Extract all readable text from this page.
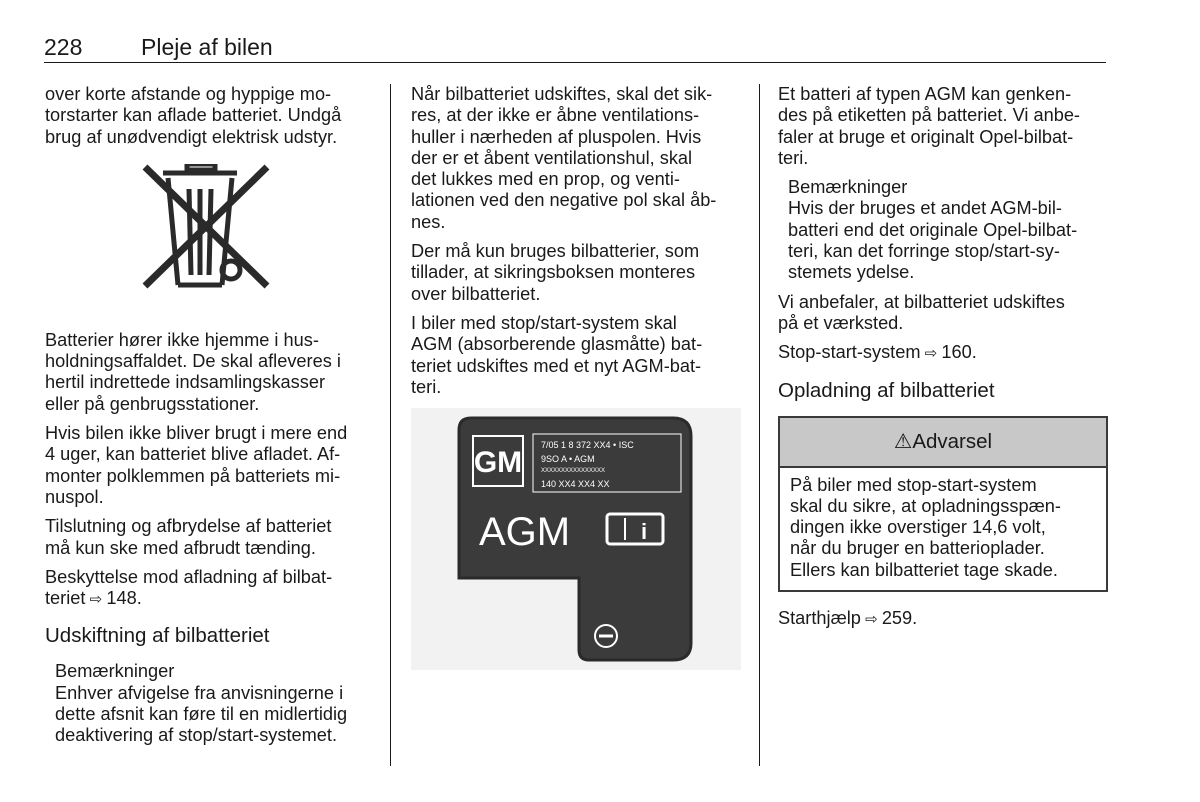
228	Pleje af bilen

over korte afstande og hyppige mo-
torstarter kan aflade batteriet. Undgå
brug af unødvendigt elektrisk udstyr.

Batterier hører ikke hjemme i hus-
holdningsaffaldet. De skal afleveres i
hertil indrettede indsamlingskasser
eller på genbrugsstationer.

Hvis bilen ikke bliver brugt i mere end
4 uger, kan batteriet blive afladet. Af-
monter polklemmen på batteriets mi-
nuspol.

Tilslutning og afbrydelse af batteriet
må kun ske med afbrudt tænding.

Beskyttelse mod afladning af bilbat-
teriet ⇨ 148.

Udskiftning af bilbatteriet
Bemærkninger
Enhver afvigelse fra anvisningerne i
dette afsnit kan føre til en midlertidig
deaktivering af stop/start-systemet.

Når bilbatteriet udskiftes, skal det sik-
res, at der ikke er åbne ventilations-
huller i nærheden af pluspolen. Hvis
der er et åbent ventilationshul, skal
det lukkes med en prop, og venti-
lationen ved den negative pol skal åb-
nes.

Der må kun bruges bilbatterier, som
tillader, at sikringsboksen monteres
over bilbatteriet.

I biler med stop/start-system skal
AGM (absorberende glasmåtte) bat-
teriet udskiftes med et nyt AGM-bat-
teri.

GM
7/05 1 8 372 XX4 • ISC
9SO A • AGM
XXXXXXXXXXXXXXXX
140 XX4 XX4 XX
AGM	i

Et batteri af typen AGM kan genken-
des på etiketten på batteriet. Vi anbe-
faler at bruge et originalt Opel-bilbat-
teri.

Bemærkninger
Hvis der bruges et andet AGM-bil-
batteri end det originale Opel-bilbat-
teri, kan det forringe stop/start-sy-
stemets ydelse.

Vi anbefaler, at bilbatteriet udskiftes
på et værksted.

Stop-start-system ⇨ 160.

Opladning af bilbatteriet
⚠Advarsel
På biler med stop-start-system
skal du sikre, at opladningsspæn-
dingen ikke overstiger 14,6 volt,
når du bruger en batterioplader.
Ellers kan bilbatteriet tage skade.

Starthjælp ⇨ 259.
